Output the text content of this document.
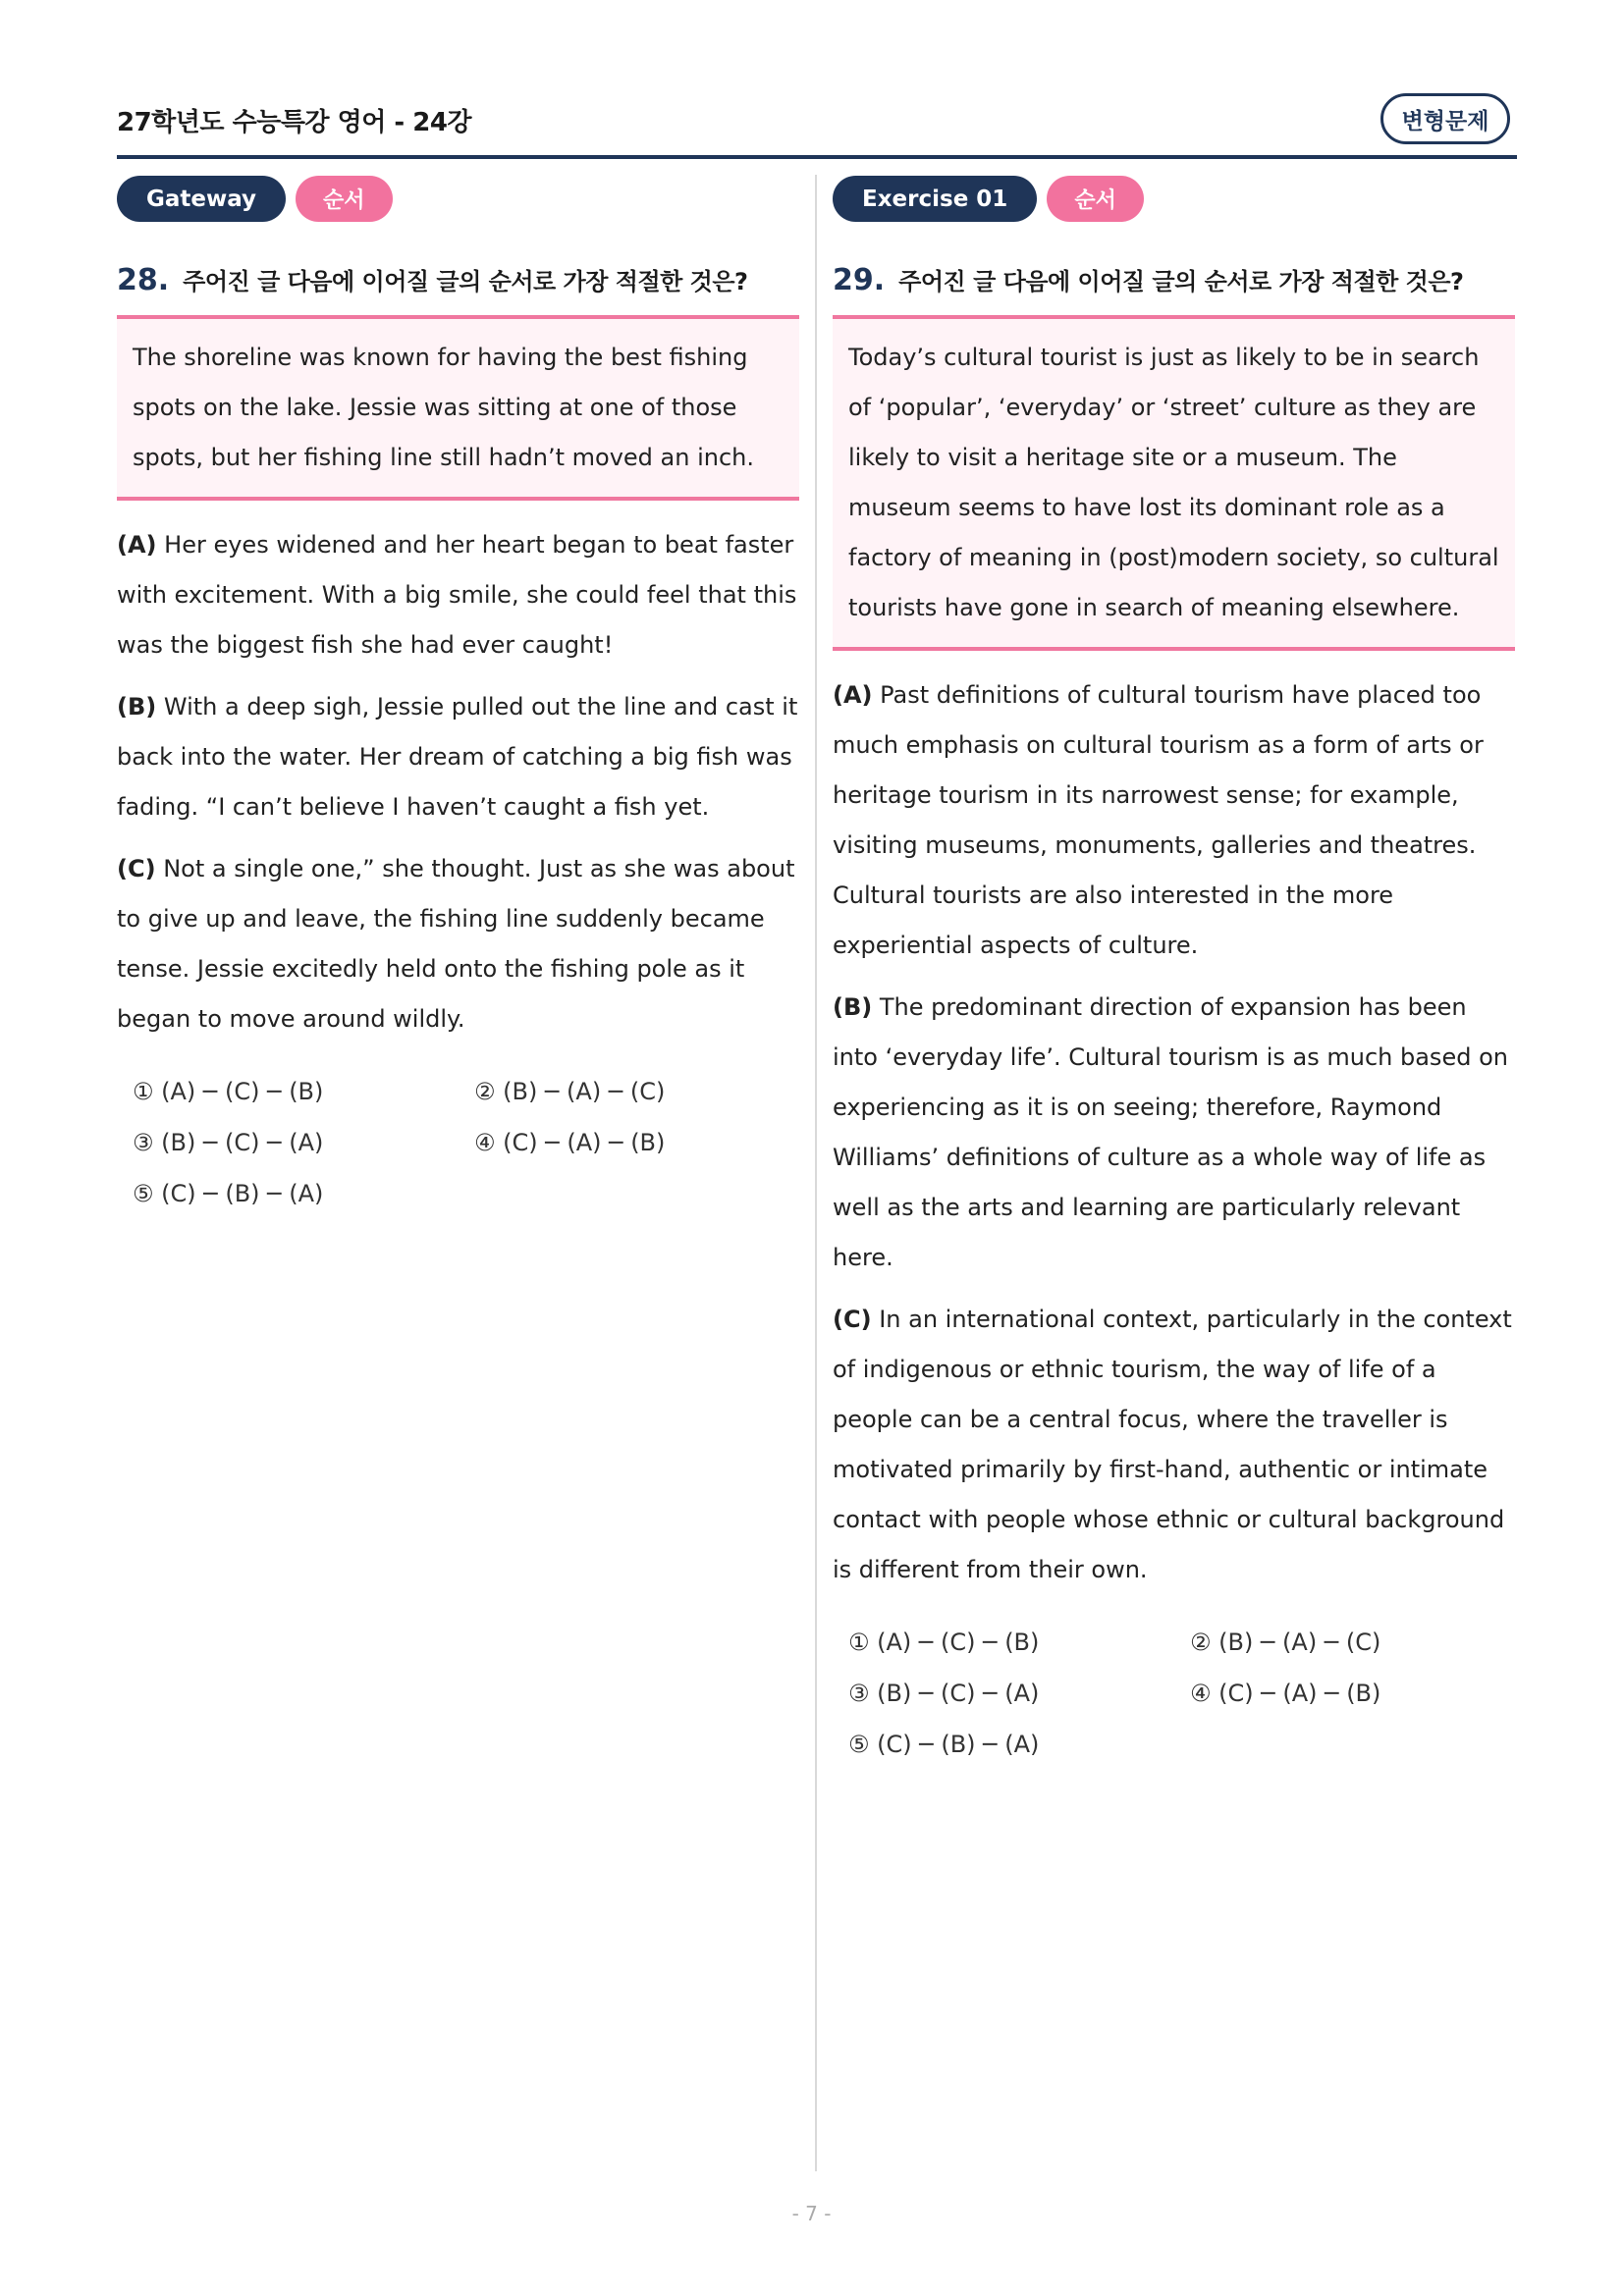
27학년도 수능특강 영어 - 24강	변형문제
Gateway	순서
28. 주어진 글 다음에 이어질 글의 순서로 가장 적절한 것은?
The shoreline was known for having the best fishing spots on the lake. Jessie was sitting at one of those spots, but her fishing line still hadn’t moved an inch.
(A) Her eyes widened and her heart began to beat faster with excitement. With a big smile, she could feel that this was the biggest fish she had ever caught!
(B) With a deep sigh, Jessie pulled out the line and cast it back into the water. Her dream of catching a big fish was fading. “I can’t believe I haven’t caught a fish yet.
(C) Not a single one,” she thought. Just as she was about to give up and leave, the fishing line suddenly became tense. Jessie excitedly held onto the fishing pole as it began to move around wildly.
① (A) ─ (C) ─ (B)	② (B) ─ (A) ─ (C)
③ (B) ─ (C) ─ (A)	④ (C) ─ (A) ─ (B)
⑤ (C) ─ (B) ─ (A)
Exercise 01	순서
29. 주어진 글 다음에 이어질 글의 순서로 가장 적절한 것은?
Today’s cultural tourist is just as likely to be in search of ‘popular’, ‘everyday’ or ‘street’ culture as they are likely to visit a heritage site or a museum. The museum seems to have lost its dominant role as a factory of meaning in (post)modern society, so cultural tourists have gone in search of meaning elsewhere.
(A) Past definitions of cultural tourism have placed too much emphasis on cultural tourism as a form of arts or heritage tourism in its narrowest sense; for example, visiting museums, monuments, galleries and theatres. Cultural tourists are also interested in the more experiential aspects of culture.
(B) The predominant direction of expansion has been into ‘everyday life’. Cultural tourism is as much based on experiencing as it is on seeing; therefore, Raymond Williams’ definitions of culture as a whole way of life as well as the arts and learning are particularly relevant here.
(C) In an international context, particularly in the context of indigenous or ethnic tourism, the way of life of a people can be a central focus, where the traveller is motivated primarily by first-hand, authentic or intimate contact with people whose ethnic or cultural background is different from their own.
① (A) ─ (C) ─ (B)	② (B) ─ (A) ─ (C)
③ (B) ─ (C) ─ (A)	④ (C) ─ (A) ─ (B)
⑤ (C) ─ (B) ─ (A)
- 7 -
